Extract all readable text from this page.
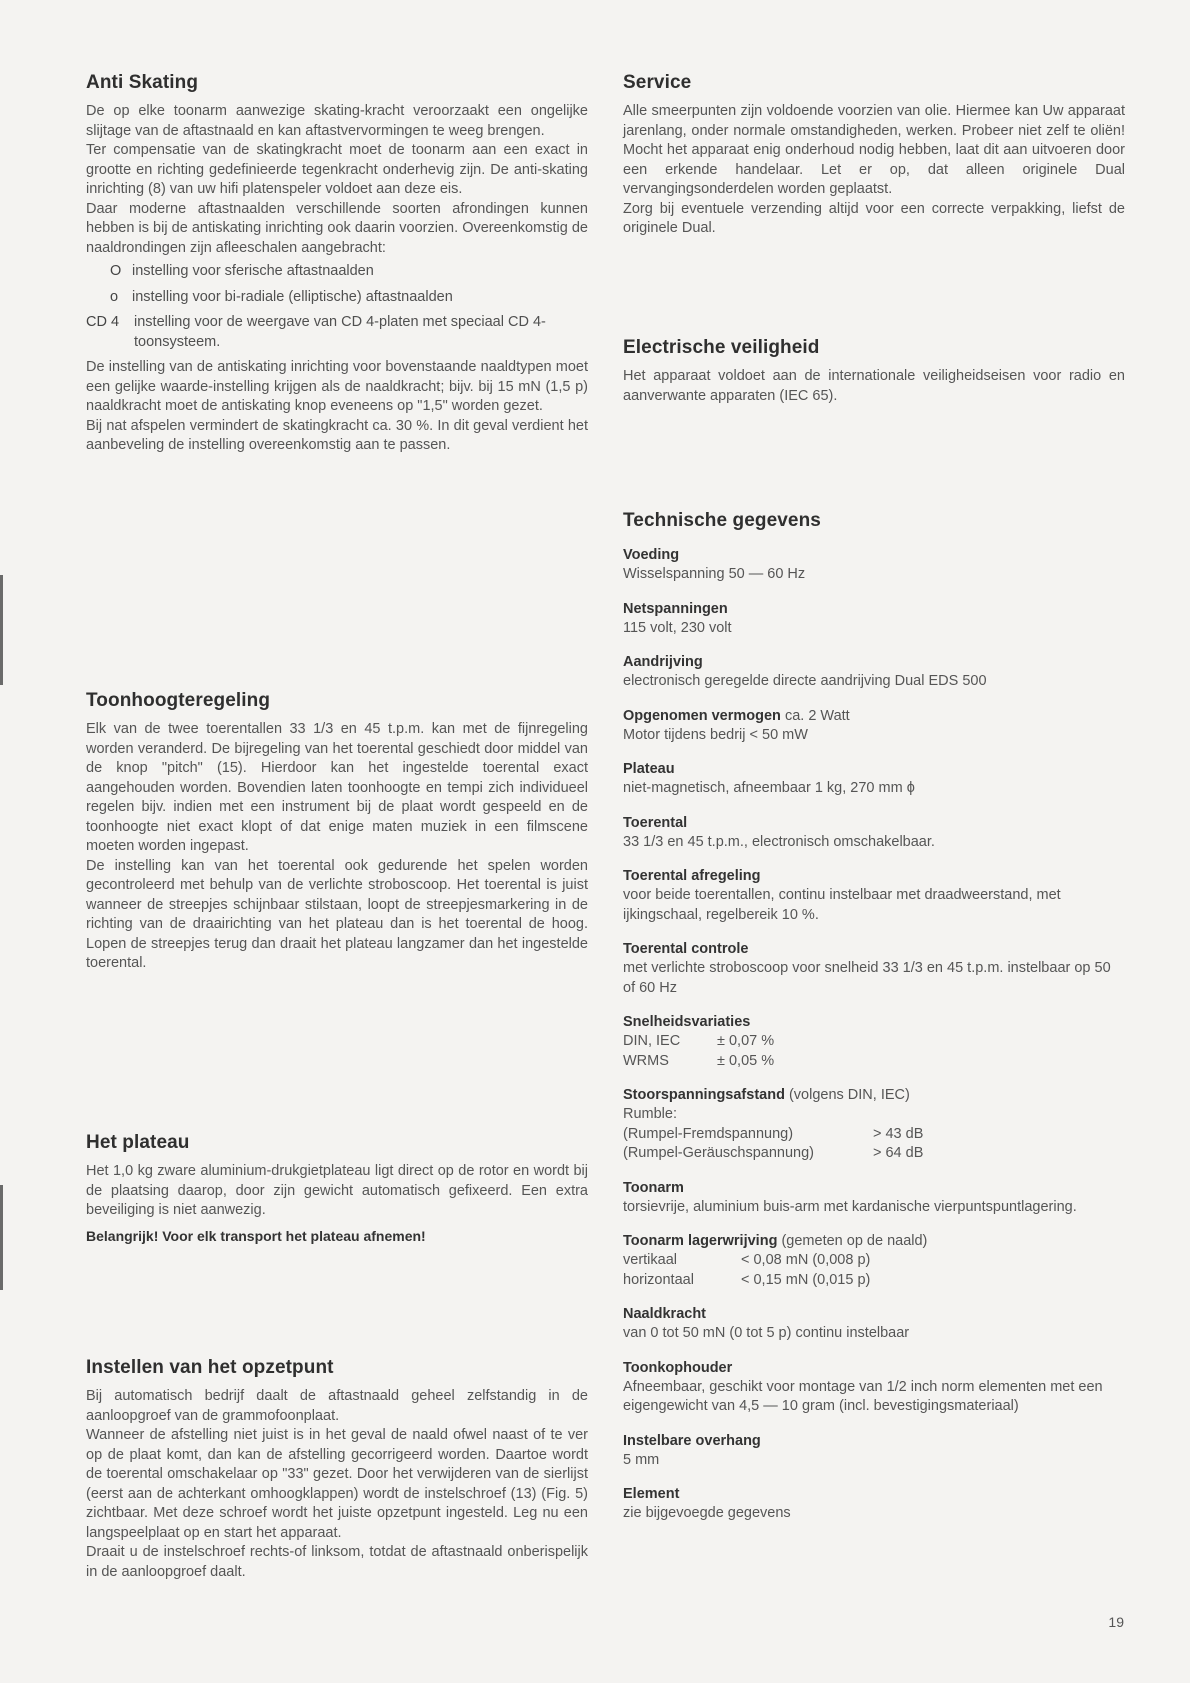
Anti Skating

De op elke toonarm aanwezige skating-kracht veroorzaakt een ongelijke slijtage van de aftastnaald en kan aftastvervormingen te weeg brengen.

Ter compensatie van de skatingkracht moet de toonarm aan een exact in grootte en richting gedefinieerde tegenkracht onderhevig zijn. De anti-skating inrichting (8) van uw hifi platenspeler voldoet aan deze eis.

Daar moderne aftastnaalden verschillende soorten afrondingen kunnen hebben is bij de antiskating inrichting ook daarin voorzien. Overeenkomstig de naaldrondingen zijn afleeschalen aangebracht:

O instelling voor sferische aftastnaalden
o instelling voor bi-radiale (elliptische) aftastnaalden
CD 4	instelling voor de weergave van CD 4-platen met speciaal CD 4-toonsysteem.

De instelling van de antiskating inrichting voor bovenstaande naaldtypen moet een gelijke waarde-instelling krijgen als de naaldkracht; bijv. bij 15 mN (1,5 p) naaldkracht moet de antiskating knop eveneens op "1,5" worden gezet.

Bij nat afspelen vermindert de skatingkracht ca. 30 %. In dit geval verdient het aanbeveling de instelling overeenkomstig aan te passen.

Toonhoogteregeling

Elk van de twee toerentallen 33 1/3 en 45 t.p.m. kan met de fijnregeling worden veranderd. De bijregeling van het toerental geschiedt door middel van de knop "pitch" (15). Hierdoor kan het ingestelde toerental exact aangehouden worden. Bovendien laten toonhoogte en tempi zich individueel regelen bijv. indien met een instrument bij de plaat wordt gespeeld en de toonhoogte niet exact klopt of dat enige maten muziek in een filmscene moeten worden ingepast.

De instelling kan van het toerental ook gedurende het spelen worden gecontroleerd met behulp van de verlichte stroboscoop. Het toerental is juist wanneer de streepjes schijnbaar stilstaan, loopt de streepjesmarkering in de richting van de draairichting van het plateau dan is het toerental de hoog. Lopen de streepjes terug dan draait het plateau langzamer dan het ingestelde toerental.

Het plateau

Het 1,0 kg zware aluminium-drukgietplateau ligt direct op de rotor en wordt bij de plaatsing daarop, door zijn gewicht automatisch gefixeerd. Een extra beveiliging is niet aanwezig.

Belangrijk! Voor elk transport het plateau afnemen!

Instellen van het opzetpunt

Bij automatisch bedrijf daalt de aftastnaald geheel zelfstandig in de aanloopgroef van de grammofoonplaat.

Wanneer de afstelling niet juist is in het geval de naald ofwel naast of te ver op de plaat komt, dan kan de afstelling gecorrigeerd worden. Daartoe wordt de toerental omschakelaar op "33" gezet. Door het verwijderen van de sierlijst (eerst aan de achterkant omhoogklappen) wordt de instelschroef (13) (Fig. 5) zichtbaar. Met deze schroef wordt het juiste opzetpunt ingesteld. Leg nu een langspeelplaat op en start het apparaat.

Draait u de instelschroef rechts-of linksom, totdat de aftastnaald onberispelijk in de aanloopgroef daalt.

Service

Alle smeerpunten zijn voldoende voorzien van olie. Hiermee kan Uw apparaat jarenlang, onder normale omstandigheden, werken. Probeer niet zelf te oliën! Mocht het apparaat enig onderhoud nodig hebben, laat dit aan uitvoeren door een erkende handelaar. Let er op, dat alleen originele Dual vervangingsonderdelen worden geplaatst.

Zorg bij eventuele verzending altijd voor een correcte verpakking, liefst de originele Dual.

Electrische veiligheid

Het apparaat voldoet aan de internationale veiligheidseisen voor radio en aanverwante apparaten (IEC 65).

Technische gegevens
Voeding
Wisselspanning 50 — 60 Hz
Netspanningen
115 volt, 230 volt
Aandrijving
electronisch geregelde directe aandrijving Dual EDS 500
Opgenomen vermogen ca. 2 Watt
Motor tijdens bedrij < 50 mW
Plateau
niet-magnetisch, afneembaar 1 kg, 270 mm ϕ
Toerental
33 1/3 en 45 t.p.m., electronisch omschakelbaar.
Toerental afregeling
voor beide toerentallen, continu instelbaar met draadweerstand, met ijkingschaal, regelbereik 10 %.
Toerental controle
met verlichte stroboscoop voor snelheid 33 1/3 en 45 t.p.m. instelbaar op 50 of 60 Hz
Snelheidsvariaties
DIN, IEC	± 0,07 %
WRMS	± 0,05 %
Stoorspanningsafstand (volgens DIN, IEC)
Rumble:
(Rumpel-Fremdspannung)	> 43 dB
(Rumpel-Geräuschspannung)	> 64 dB
Toonarm
torsievrije, aluminium buis-arm met kardanische vierpuntspuntlagering.
Toonarm lagerwrijving (gemeten op de naald)
vertikaal	< 0,08 mN (0,008 p)
horizontaal	< 0,15 mN (0,015 p)
Naaldkracht
van 0 tot 50 mN (0 tot 5 p) continu instelbaar
Toonkophouder
Afneembaar, geschikt voor montage van 1/2 inch norm elementen met een eigengewicht van 4,5 — 10 gram (incl. bevestigingsmateriaal)
Instelbare overhang
5 mm
Element
zie bijgevoegde gegevens
19
